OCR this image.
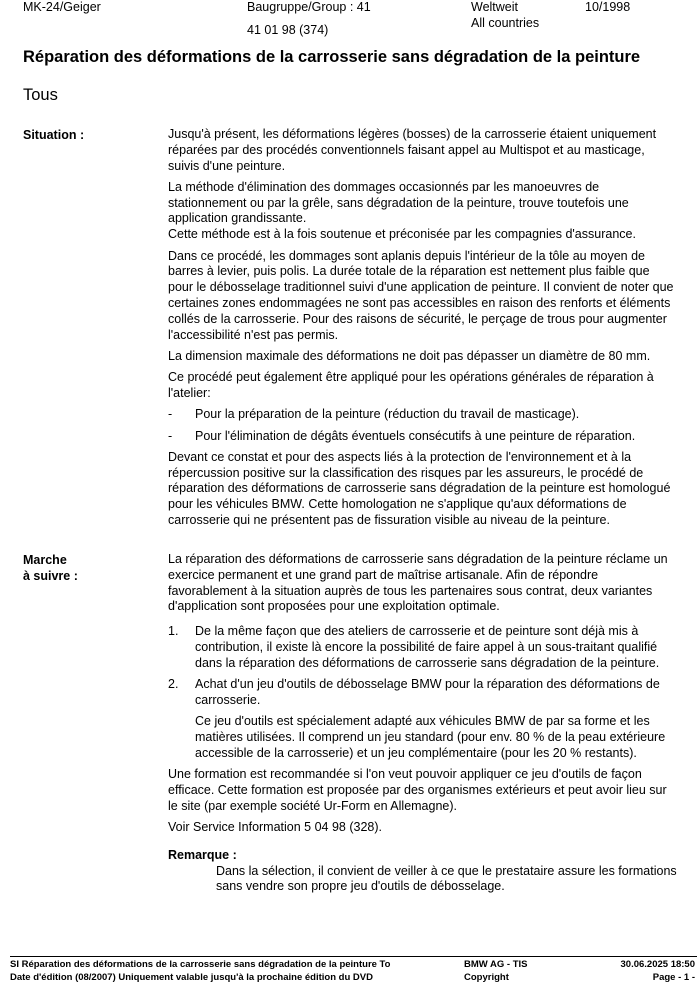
MK-24/Geiger	Baugruppe/Group : 41
41 01 98 (374)
Weltweit
All countries
10/1998
Réparation des déformations de la carrosserie sans dégradation de la peinture
Tous
Situation :	Jusqu'à présent, les déformations légères (bosses) de la carrosserie étaient uniquement réparées par des procédés conventionnels faisant appel au Multispot et au masticage, suivis d'une peinture.

La méthode d'élimination des dommages occasionnés par les manoeuvres de stationnement ou par la grêle, sans dégradation de la peinture, trouve toutefois une application grandissante.

Cette méthode est à la fois soutenue et préconisée par les compagnies d'assurance.

Dans ce procédé, les dommages sont aplanis depuis l'intérieur de la tôle au moyen de barres à levier, puis polis. La durée totale de la réparation est nettement plus faible que pour le débosselage traditionnel suivi d'une application de peinture. Il convient de noter que certaines zones endommagées ne sont pas accessibles en raison des renforts et éléments collés de la carrosserie. Pour des raisons de sécurité, le perçage de trous pour augmenter l'accessibilité n'est pas permis.

La dimension maximale des déformations ne doit pas dépasser un diamètre de 80 mm.

Ce procédé peut également être appliqué pour les opérations générales de réparation à l'atelier:

-	Pour la préparation de la peinture (réduction du travail de masticage).
-	Pour l'élimination de dégâts éventuels consécutifs à une peinture de réparation.

Devant ce constat et pour des aspects liés à la protection de l'environnement et à la répercussion positive sur la classification des risques par les assureurs, le procédé de réparation des déformations de carrosserie sans dégradation de la peinture est homologué pour les véhicules BMW. Cette homologation ne s'applique qu'aux déformations de carrosserie qui ne présentent pas de fissuration visible au niveau de la peinture.

Marche
à suivre :

La réparation des déformations de carrosserie sans dégradation de la peinture réclame un exercice permanent et une grand part de maîtrise artisanale. Afin de répondre favorablement à la situation auprès de tous les partenaires sous contrat, deux variantes d'application sont proposées pour une exploitation optimale.

1.	De la même façon que des ateliers de carrosserie et de peinture sont déjà mis à contribution, il existe là encore la possibilité de faire appel à un sous-traitant qualifié dans la réparation des déformations de carrosserie sans dégradation de la peinture.
2.	Achat d'un jeu d'outils de débosselage BMW pour la réparation des déformations de carrosserie.

Ce jeu d'outils est spécialement adapté aux véhicules BMW de par sa forme et les matières utilisées. Il comprend un jeu standard (pour env. 80 % de la peau extérieure accessible de la carrosserie) et un jeu complémentaire (pour les 20 % restants).

Une formation est recommandée si l'on veut pouvoir appliquer ce jeu d'outils de façon efficace. Cette formation est proposée par des organismes extérieurs et peut avoir lieu sur le site (par exemple société Ur-Form en Allemagne).

Voir Service Information 5 04 98 (328).

Remarque :

Dans la sélection, il convient de veiller à ce que le prestataire assure les formations sans vendre son propre jeu d'outils de débosselage.

SI Réparation des déformations de la carrosserie sans dégradation de la peinture To
Date d'édition (08/2007) Uniquement valable jusqu'à la prochaine édition du DVD
BMW AG - TIS
Copyright
30.06.2025 18:50
Page - 1 -
